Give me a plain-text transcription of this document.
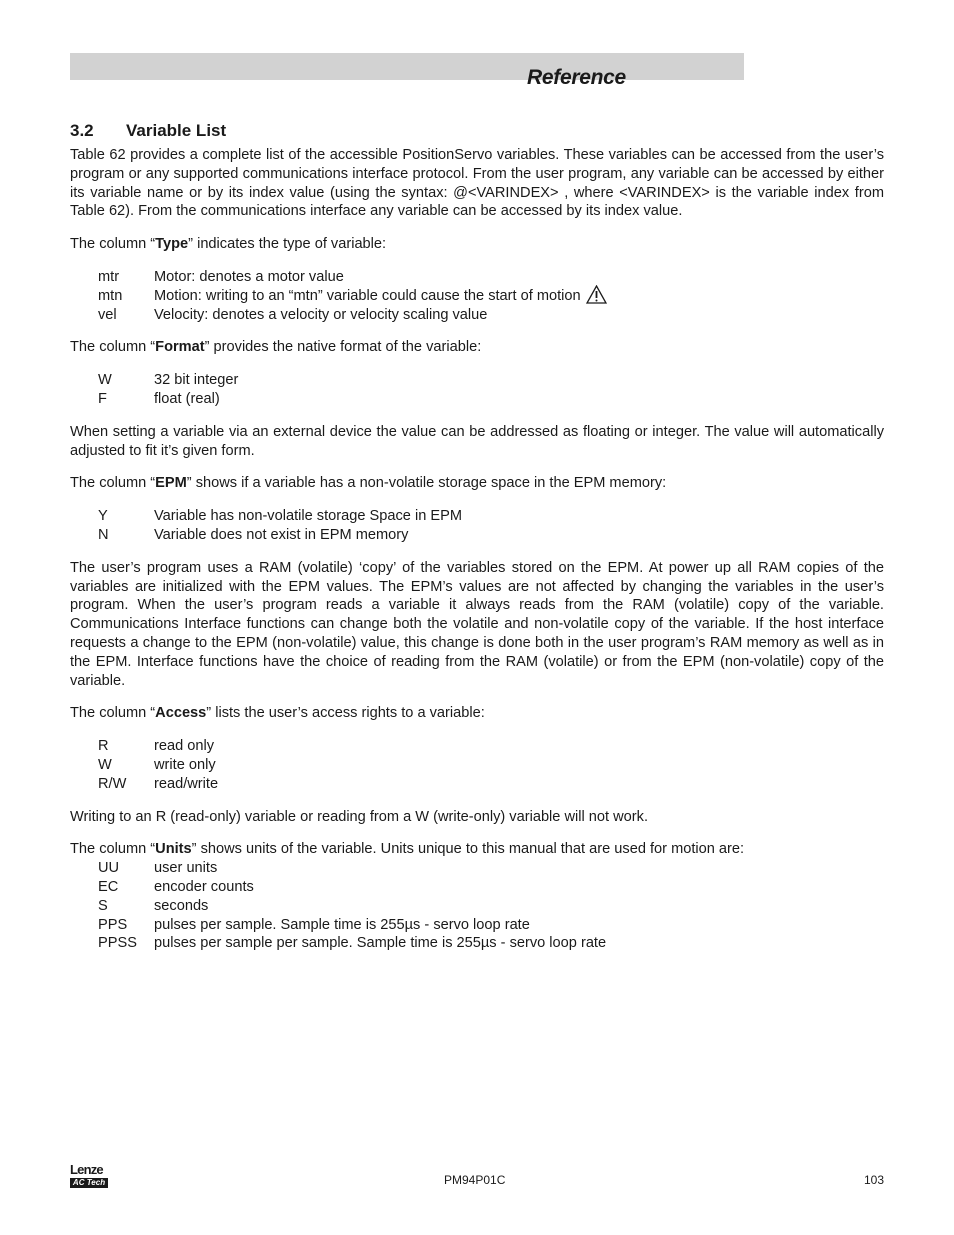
Reference
3.2	Variable List

Table 62 provides a complete list of the accessible PositionServo variables. These variables can be accessed from the user’s program or any supported communications interface protocol. From the user program, any variable can be accessed by either its variable name or by its index value (using the syntax: @<VARINDEX> , where <VARINDEX> is the variable index from Table 62). From the communications interface any variable can be accessed by its index value.

The column “Type” indicates the type of variable:

mtr	Motor: denotes a motor value
mtn	Motion: writing to an “mtn” variable could cause the start of motion
vel	Velocity: denotes a velocity or velocity scaling value

The column “Format” provides the native format of the variable:

W	32 bit integer
F	float (real)

When setting a variable via an external device the value can be addressed as floating or integer. The value will automatically adjusted to fit it’s given form.

The column “EPM” shows if a variable has a non-volatile storage space in the EPM memory:

Y	Variable has non-volatile storage Space in EPM
N	Variable does not exist in EPM memory

The user’s program uses a RAM (volatile) ‘copy’ of the variables stored on the EPM. At power up all RAM copies of the variables are initialized with the EPM values. The EPM’s values are not affected by changing the variables in the user’s program. When the user’s program reads a variable it always reads from the RAM (volatile) copy of the variable. Communications Interface functions can change both the volatile and non-volatile copy of the variable. If the host interface requests a change to the EPM (non-volatile) value, this change is done both in the user program’s RAM memory as well as in the EPM. Interface functions have the choice of reading from the RAM (volatile) or from the EPM (non-volatile) copy of the variable.

The column “Access” lists the user’s access rights to a variable:

R	read only
W	write only
R/W	read/write

Writing to an R (read-only) variable or reading from a W (write-only) variable will not work.

The column “Units” shows units of the variable. Units unique to this manual that are used for motion are:

UU	user units
EC	encoder counts
S	seconds
PPS	pulses per sample. Sample time is 255µs - servo loop rate
PPSS	pulses per sample per sample. Sample time is 255µs - servo loop rate
Lenze
AC Tech	PM94P01C	103
